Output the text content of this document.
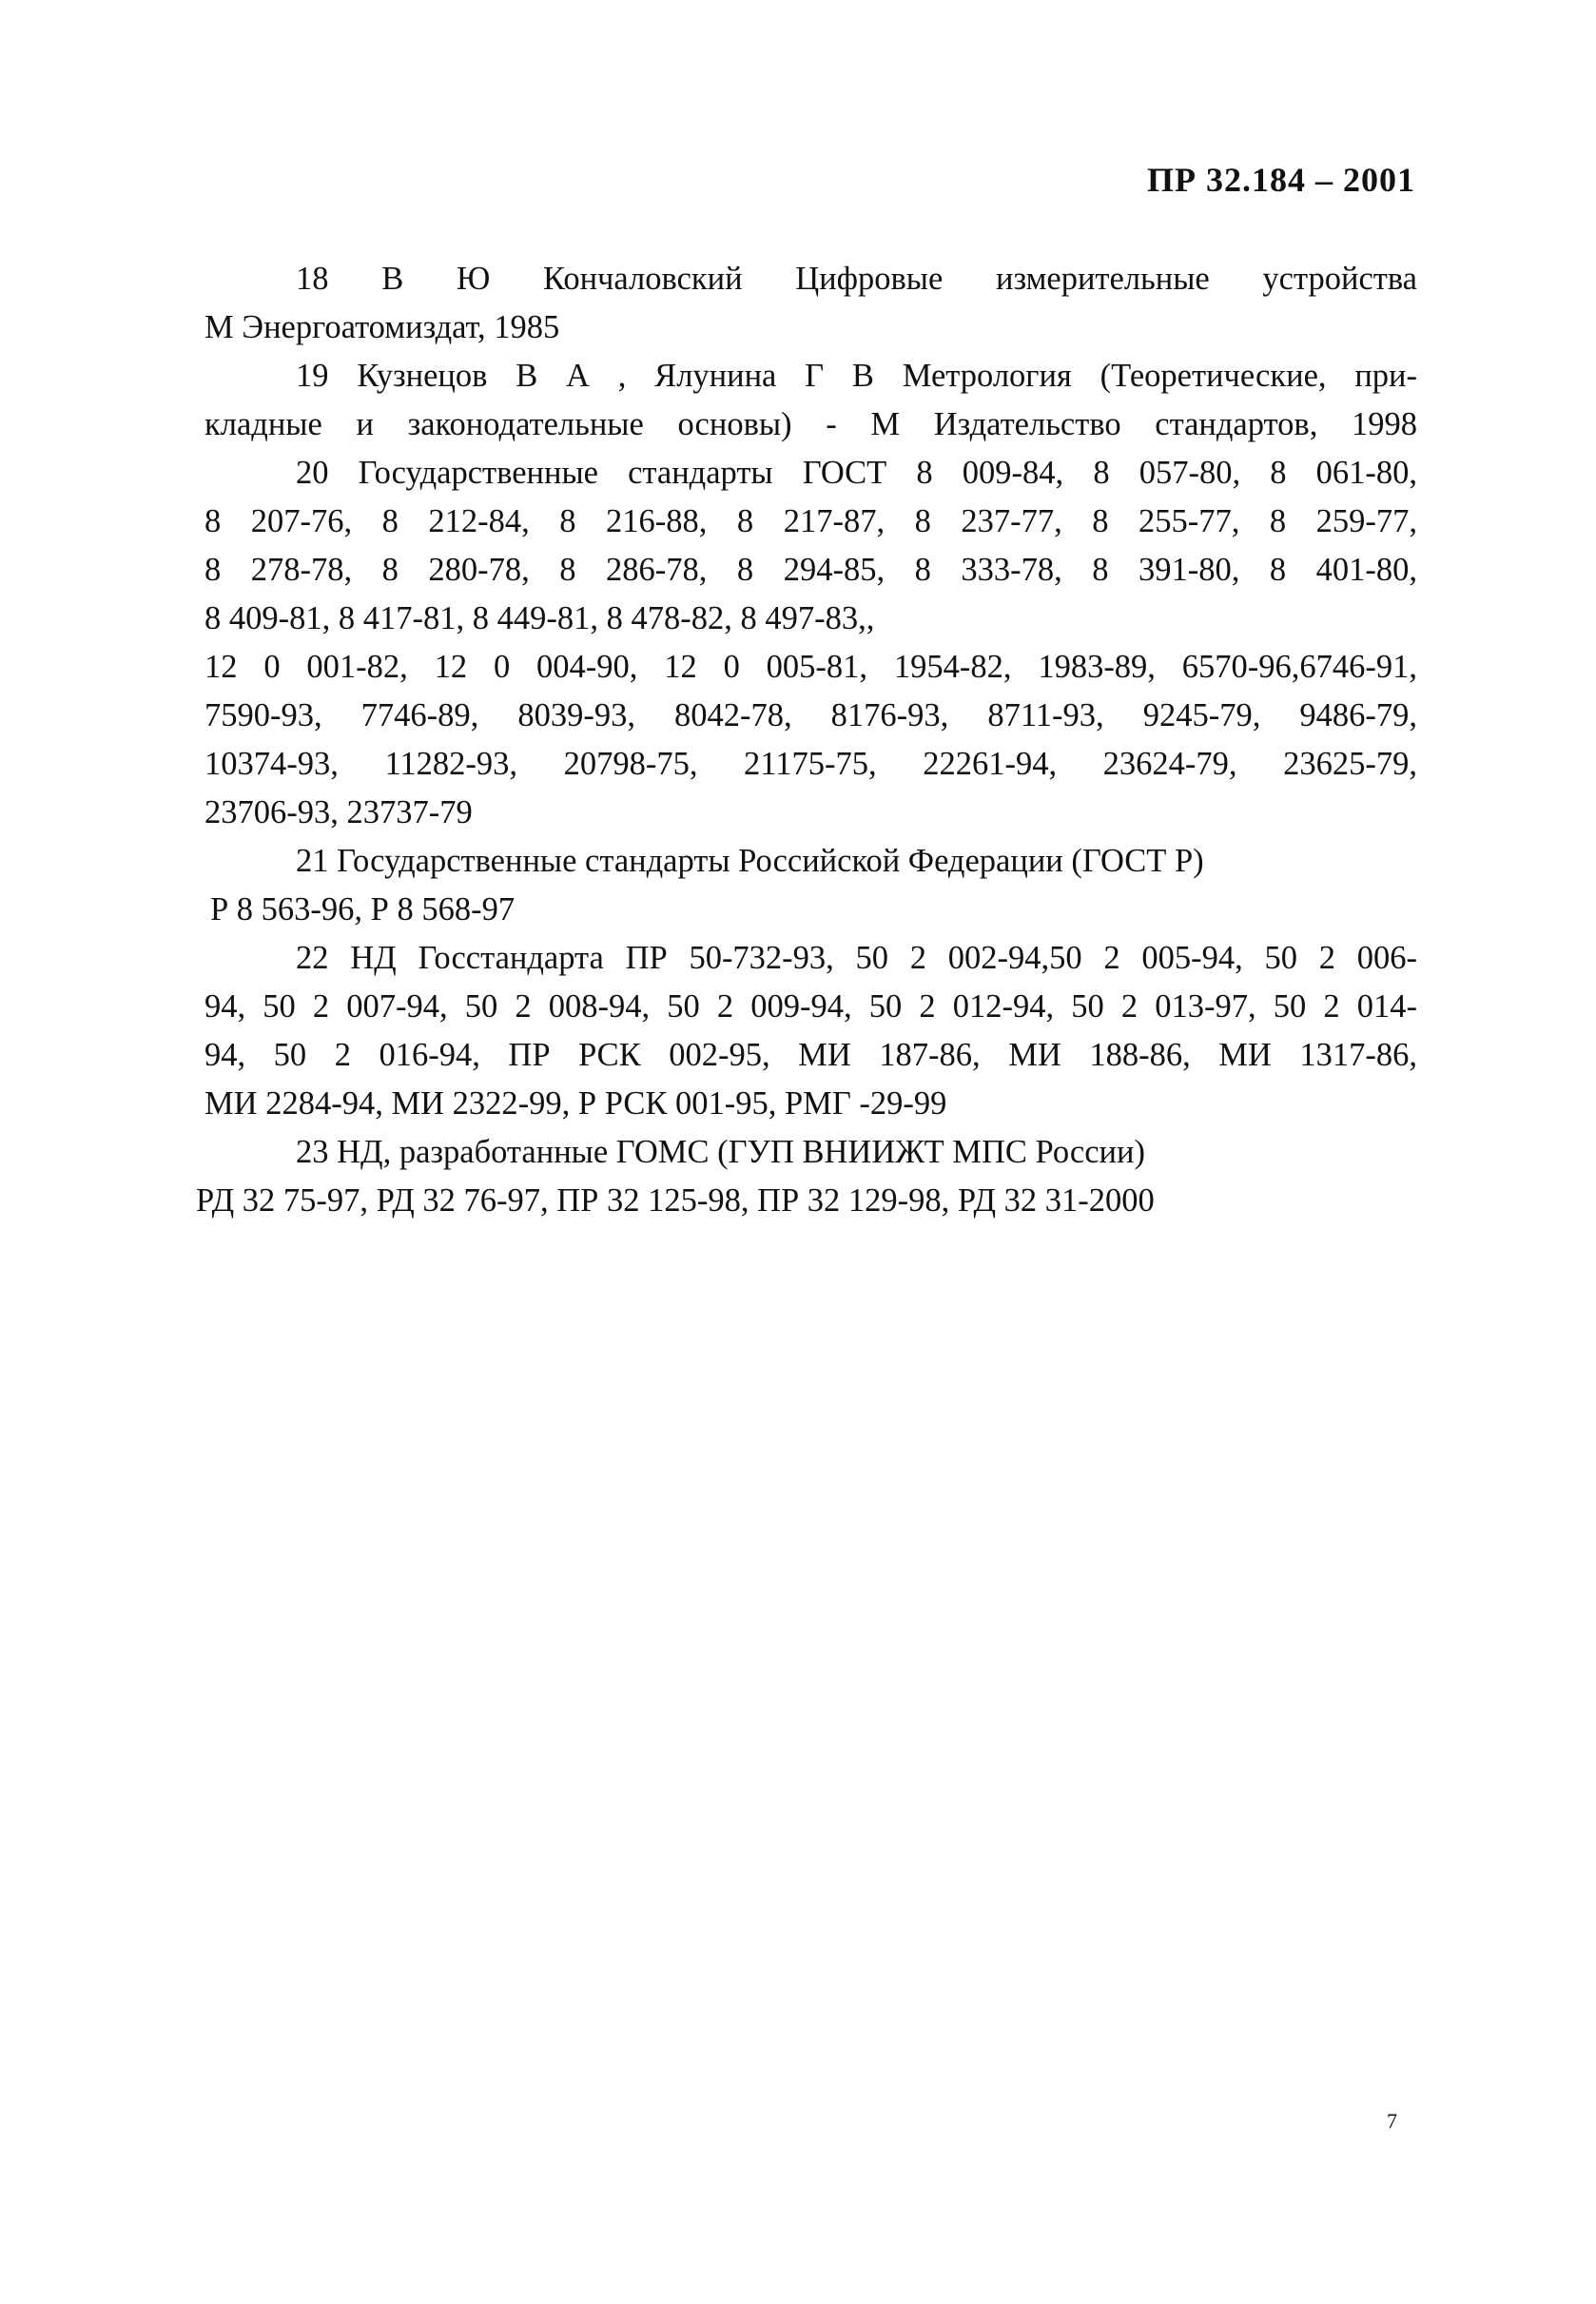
ПР 32.184 – 2001
18 В Ю Кончаловский Цифровые измерительные устройства
М Энергоатомиздат, 1985
19 Кузнецов В А , Ялунина Г В Метрология (Теоретические, при-
кладные и законодательные основы) - М Издательство стандартов, 1998
20 Государственные стандарты ГОСТ 8 009-84, 8 057-80, 8 061-80,
8 207-76, 8 212-84, 8 216-88, 8 217-87, 8 237-77, 8 255-77, 8 259-77,
8 278-78, 8 280-78, 8 286-78, 8 294-85, 8 333-78, 8 391-80, 8 401-80,
8 409-81, 8 417-81, 8 449-81, 8 478-82, 8 497-83,,
12 0 001-82, 12 0 004-90, 12 0 005-81, 1954-82, 1983-89, 6570-96,6746-91,
7590-93, 7746-89, 8039-93, 8042-78, 8176-93, 8711-93, 9245-79, 9486-79,
10374-93, 11282-93, 20798-75, 21175-75, 22261-94, 23624-79, 23625-79,
23706-93, 23737-79
21 Государственные стандарты Российской Федерации (ГОСТ Р)
Р 8 563-96, Р 8 568-97
22 НД Госстандарта ПР 50-732-93, 50 2 002-94,50 2 005-94, 50 2 006-
94, 50 2 007-94, 50 2 008-94, 50 2 009-94, 50 2 012-94, 50 2 013-97, 50 2 014-
94, 50 2 016-94, ПР РСК 002-95, МИ 187-86, МИ 188-86, МИ 1317-86,
МИ 2284-94, МИ 2322-99, Р РСК 001-95, РМГ -29-99
23 НД, разработанные ГОМС (ГУП ВНИИЖТ МПС России)
РД 32 75-97, РД 32 76-97, ПР 32 125-98, ПР 32 129-98, РД 32 31-2000
7
